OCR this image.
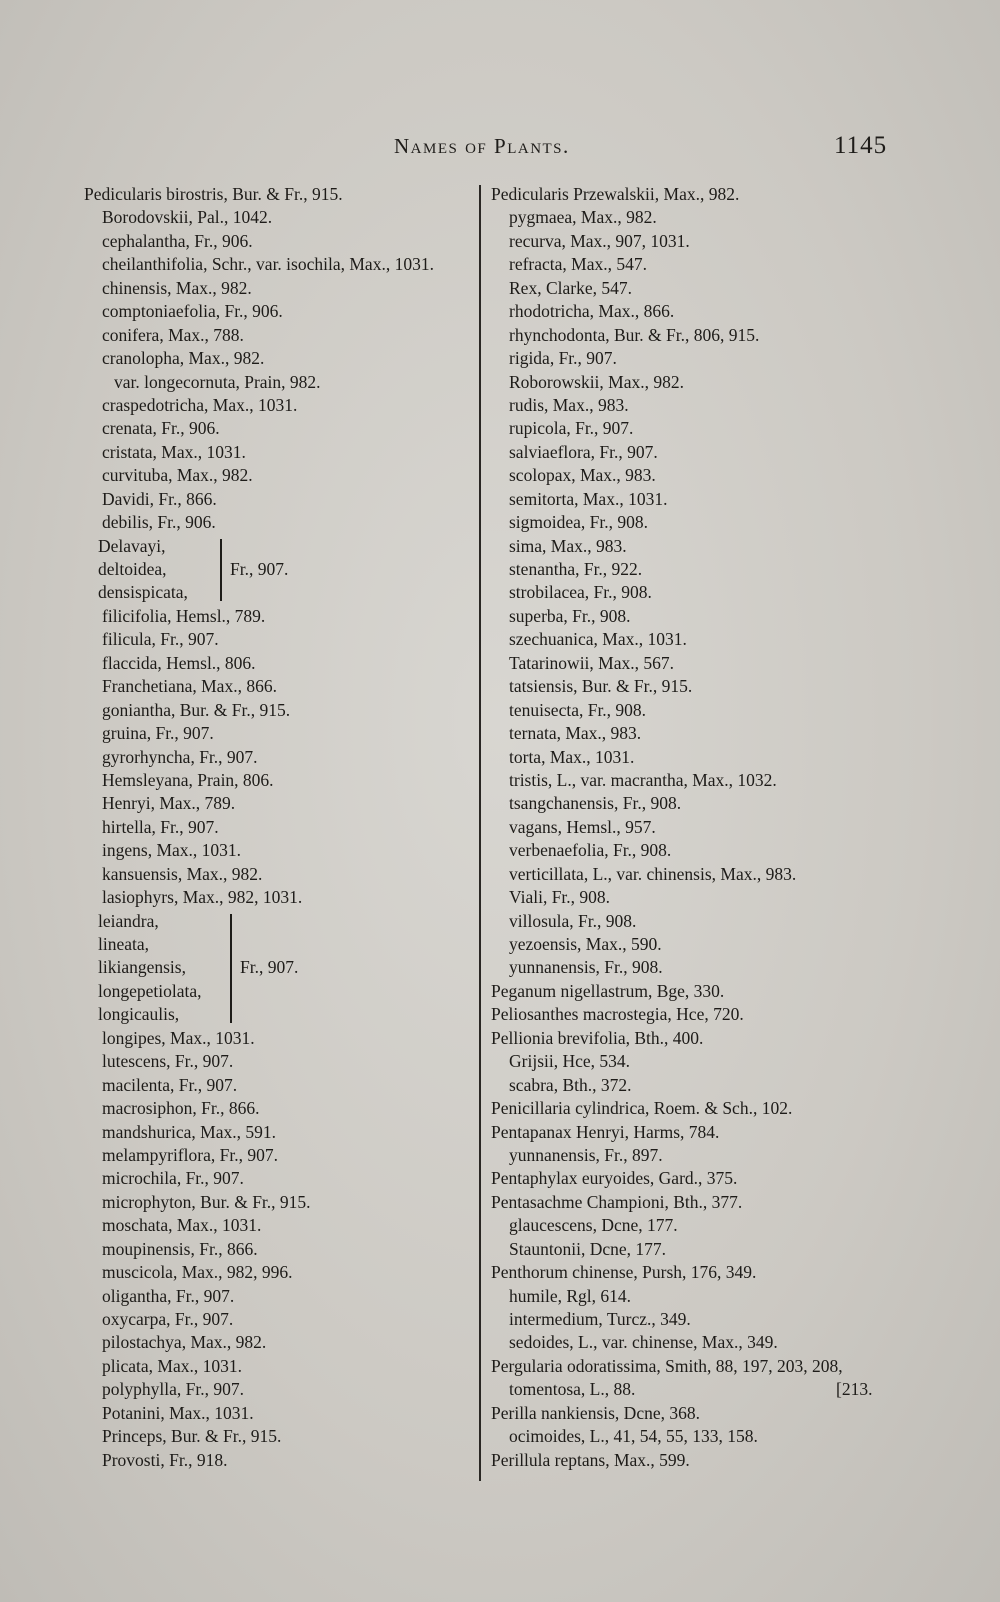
Names of Plants.	1145
Pedicularis birostris, Bur. & Fr., 915.
Borodovskii, Pal., 1042.
cephalantha, Fr., 906.
cheilanthifolia, Schr., var. isochila, Max., 1031.
chinensis, Max., 982.
comptoniaefolia, Fr., 906.
conifera, Max., 788.
cranolopha, Max., 982.
var. longecornuta, Prain, 982.
craspedotricha, Max., 1031.
crenata, Fr., 906.
cristata, Max., 1031.
curvituba, Max., 982.
Davidi, Fr., 866.
debilis, Fr., 906.
Delavayi,
deltoidea,
densispicata,
Fr., 907.
filicifolia, Hemsl., 789.
filicula, Fr., 907.
flaccida, Hemsl., 806.
Franchetiana, Max., 866.
goniantha, Bur. & Fr., 915.
gruina, Fr., 907.
gyrorhyncha, Fr., 907.
Hemsleyana, Prain, 806.
Henryi, Max., 789.
hirtella, Fr., 907.
ingens, Max., 1031.
kansuensis, Max., 982.
lasiophyrs, Max., 982, 1031.
leiandra,
lineata,
likiangensis,
longepetiolata,
longicaulis,
Fr., 907.
longipes, Max., 1031.
lutescens, Fr., 907.
macilenta, Fr., 907.
macrosiphon, Fr., 866.
mandshurica, Max., 591.
melampyriflora, Fr., 907.
microchila, Fr., 907.
microphyton, Bur. & Fr., 915.
moschata, Max., 1031.
moupinensis, Fr., 866.
muscicola, Max., 982, 996.
oligantha, Fr., 907.
oxycarpa, Fr., 907.
pilostachya, Max., 982.
plicata, Max., 1031.
polyphylla, Fr., 907.
Potanini, Max., 1031.
Princeps, Bur. & Fr., 915.
Provosti, Fr., 918.
Pedicularis Przewalskii, Max., 982.
pygmaea, Max., 982.
recurva, Max., 907, 1031.
refracta, Max., 547.
Rex, Clarke, 547.
rhodotricha, Max., 866.
rhynchodonta, Bur. & Fr., 806, 915.
rigida, Fr., 907.
Roborowskii, Max., 982.
rudis, Max., 983.
rupicola, Fr., 907.
salviaeflora, Fr., 907.
scolopax, Max., 983.
semitorta, Max., 1031.
sigmoidea, Fr., 908.
sima, Max., 983.
stenantha, Fr., 922.
strobilacea, Fr., 908.
superba, Fr., 908.
szechuanica, Max., 1031.
Tatarinowii, Max., 567.
tatsiensis, Bur. & Fr., 915.
tenuisecta, Fr., 908.
ternata, Max., 983.
torta, Max., 1031.
tristis, L., var. macrantha, Max., 1032.
tsangchanensis, Fr., 908.
vagans, Hemsl., 957.
verbenaefolia, Fr., 908.
verticillata, L., var. chinensis, Max., 983.
Viali, Fr., 908.
villosula, Fr., 908.
yezoensis, Max., 590.
yunnanensis, Fr., 908.
Peganum nigellastrum, Bge, 330.
Peliosanthes macrostegia, Hce, 720.
Pellionia brevifolia, Bth., 400.
Grijsii, Hce, 534.
scabra, Bth., 372.
Penicillaria cylindrica, Roem. & Sch., 102.
Pentapanax Henryi, Harms, 784.
yunnanensis, Fr., 897.
Pentaphylax euryoides, Gard., 375.
Pentasachme Championi, Bth., 377.
glaucescens, Dcne, 177.
Stauntonii, Dcne, 177.
Penthorum chinense, Pursh, 176, 349.
humile, Rgl, 614.
intermedium, Turcz., 349.
sedoides, L., var. chinense, Max., 349.
Pergularia odoratissima, Smith, 88, 197, 203, 208,
tomentosa, L., 88.	[213.
Perilla nankiensis, Dcne, 368.
ocimoides, L., 41, 54, 55, 133, 158.
Perillula reptans, Max., 599.
